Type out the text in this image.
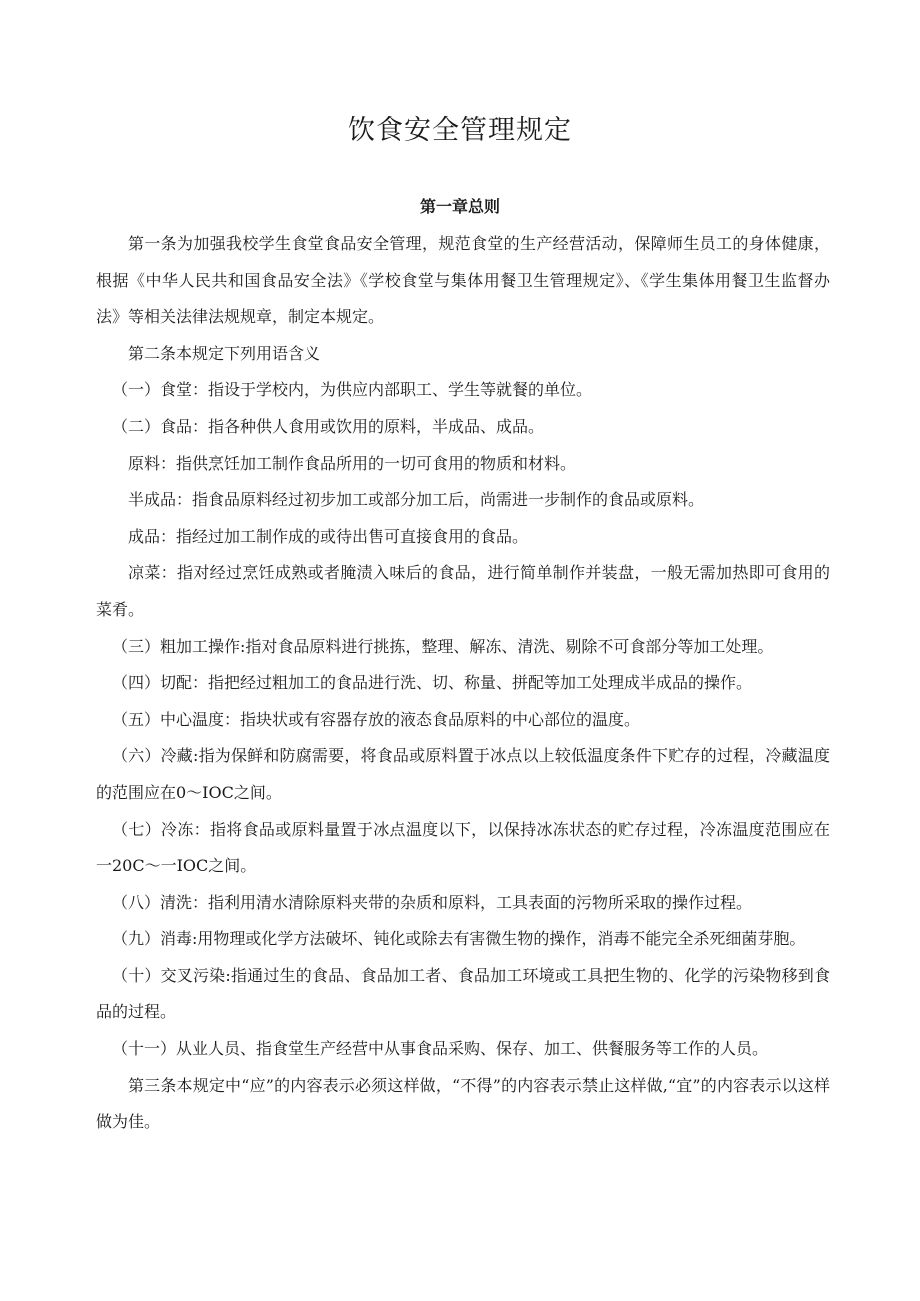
饮食安全管理规定
第一章总则

第一条为加强我校学生食堂食品安全管理，规范食堂的生产经营活动，保障师生员工的身体健康，根据《中华人民共和国食品安全法》《学校食堂与集体用餐卫生管理规定》、《学生集体用餐卫生监督办法》等相关法律法规规章，制定本规定。

第二条本规定下列用语含义

（一）食堂：指设于学校内，为供应内部职工、学生等就餐的单位。

（二）食品：指各种供人食用或饮用的原料，半成品、成品。

原料：指供烹饪加工制作食品所用的一切可食用的物质和材料。

半成品：指食品原料经过初步加工或部分加工后，尚需进一步制作的食品或原料。

成品：指经过加工制作成的或待出售可直接食用的食品。

凉菜：指对经过烹饪成熟或者腌渍入味后的食品，进行简单制作并装盘，一般无需加热即可食用的菜肴。

（三）粗加工操作:指对食品原料进行挑拣，整理、解冻、清洗、剔除不可食部分等加工处理。

（四）切配：指把经过粗加工的食品进行洗、切、称量、拼配等加工处理成半成品的操作。

（五）中心温度：指块状或有容器存放的液态食品原料的中心部位的温度。

（六）冷藏:指为保鲜和防腐需要，将食品或原料置于冰点以上较低温度条件下贮存的过程，冷藏温度的范围应在0～IOC之间。

（七）冷冻：指将食品或原料量置于冰点温度以下，以保持冰冻状态的贮存过程，冷冻温度范围应在一20C～一IOC之间。

（八）清洗：指利用清水清除原料夹带的杂质和原料，工具表面的污物所采取的操作过程。

（九）消毒:用物理或化学方法破坏、钝化或除去有害微生物的操作，消毒不能完全杀死细菌芽胞。

（十）交叉污染:指通过生的食品、食品加工者、食品加工环境或工具把生物的、化学的污染物移到食品的过程。

（十一）从业人员、指食堂生产经营中从事食品采购、保存、加工、供餐服务等工作的人员。

第三条本规定中“应”的内容表示必须这样做，“不得”的内容表示禁止这样做,“宜”的内容表示以这样做为佳。
